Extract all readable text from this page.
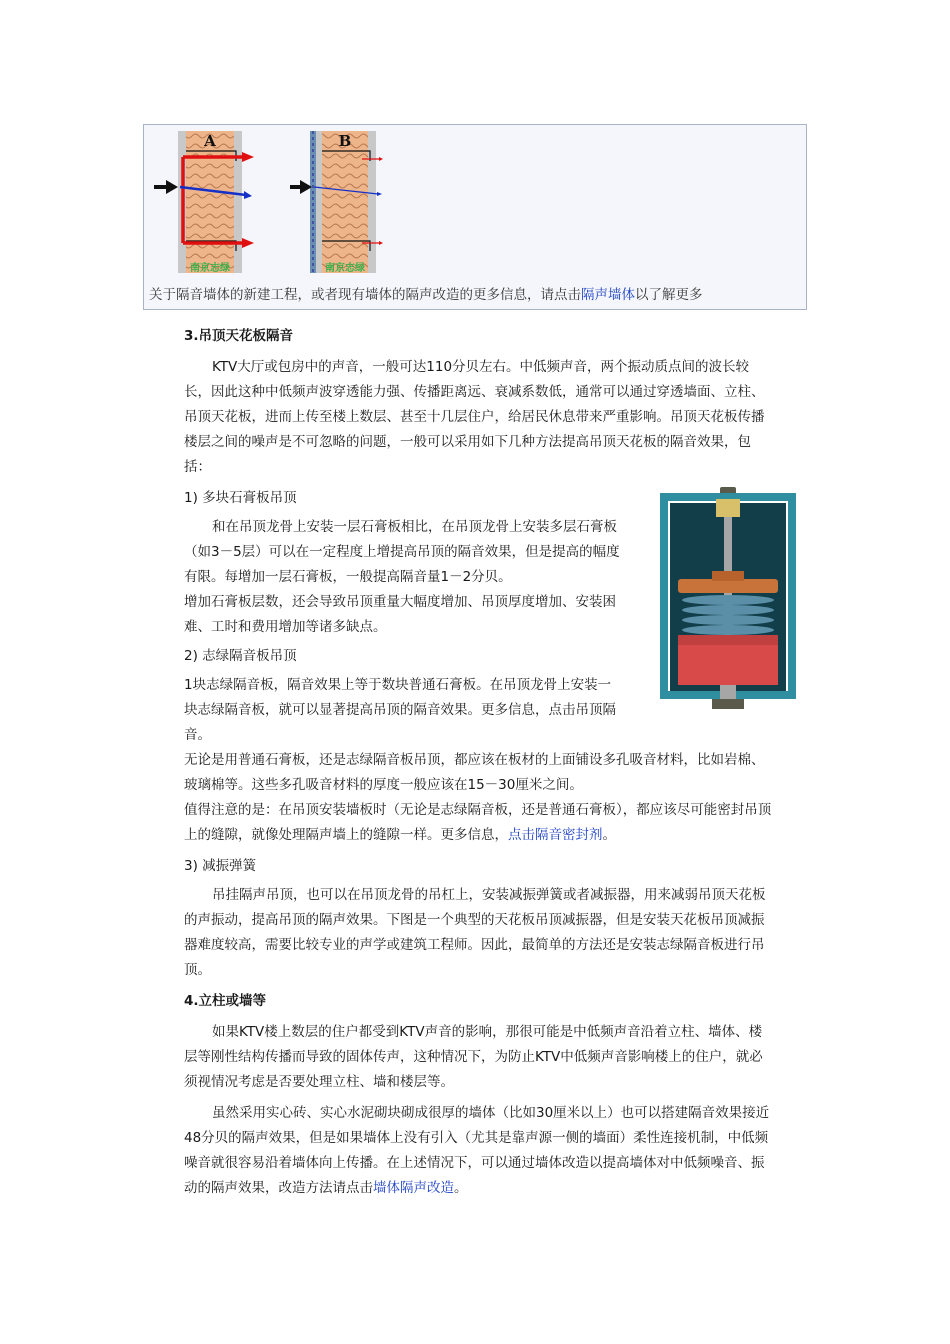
A
南京志绿
B
南京志绿
关于隔音墙体的新建工程，或者现有墙体的隔声改造的更多信息，请点击隔声墙体以了解更多

3.吊顶天花板隔音

KTV大厅或包房中的声音，一般可达110分贝左右。中低频声音，两个振动质点间的波长较长，因此这种中低频声波穿透能力强、传播距离远、衰减系数低，通常可以通过穿透墙面、立柱、吊顶天花板，进而上传至楼上数层、甚至十几层住户，给居民休息带来严重影响。吊顶天花板传播楼层之间的噪声是不可忽略的问题，一般可以采用如下几种方法提高吊顶天花板的隔音效果，包括：

1) 多块石膏板吊顶

和在吊顶龙骨上安装一层石膏板相比，在吊顶龙骨上安装多层石膏板（如3－5层）可以在一定程度上增提高吊顶的隔音效果，但是提高的幅度有限。每增加一层石膏板，一般提高隔音量1－2分贝。

增加石膏板层数，还会导致吊顶重量大幅度增加、吊顶厚度增加、安装困难、工时和费用增加等诸多缺点。

2) 志绿隔音板吊顶

1块志绿隔音板，隔音效果上等于数块普通石膏板。在吊顶龙骨上安装一块志绿隔音板，就可以显著提高吊顶的隔音效果。更多信息，点击吊顶隔音。

无论是用普通石膏板，还是志绿隔音板吊顶，都应该在板材的上面铺设多孔吸音材料，比如岩棉、玻璃棉等。这些多孔吸音材料的厚度一般应该在15－30厘米之间。

值得注意的是：在吊顶安装墙板时（无论是志绿隔音板，还是普通石膏板），都应该尽可能密封吊顶上的缝隙，就像处理隔声墙上的缝隙一样。更多信息，点击隔音密封剂。

3) 减振弹簧

吊挂隔声吊顶，也可以在吊顶龙骨的吊杠上，安装减振弹簧或者减振器，用来减弱吊顶天花板的声振动，提高吊顶的隔声效果。下图是一个典型的天花板吊顶减振器，但是安装天花板吊顶减振器难度较高，需要比较专业的声学或建筑工程师。因此，最简单的方法还是安装志绿隔音板进行吊顶。

4.立柱或墙等

如果KTV楼上数层的住户都受到KTV声音的影响，那很可能是中低频声音沿着立柱、墙体、楼层等刚性结构传播而导致的固体传声，这种情况下，为防止KTV中低频声音影响楼上的住户，就必须视情况考虑是否要处理立柱、墙和楼层等。

虽然采用实心砖、实心水泥砌块砌成很厚的墙体（比如30厘米以上）也可以搭建隔音效果接近48分贝的隔声效果，但是如果墙体上没有引入（尤其是靠声源一侧的墙面）柔性连接机制，中低频噪音就很容易沿着墙体向上传播。在上述情况下，可以通过墙体改造以提高墙体对中低频噪音、振动的隔声效果，改造方法请点击墙体隔声改造。
